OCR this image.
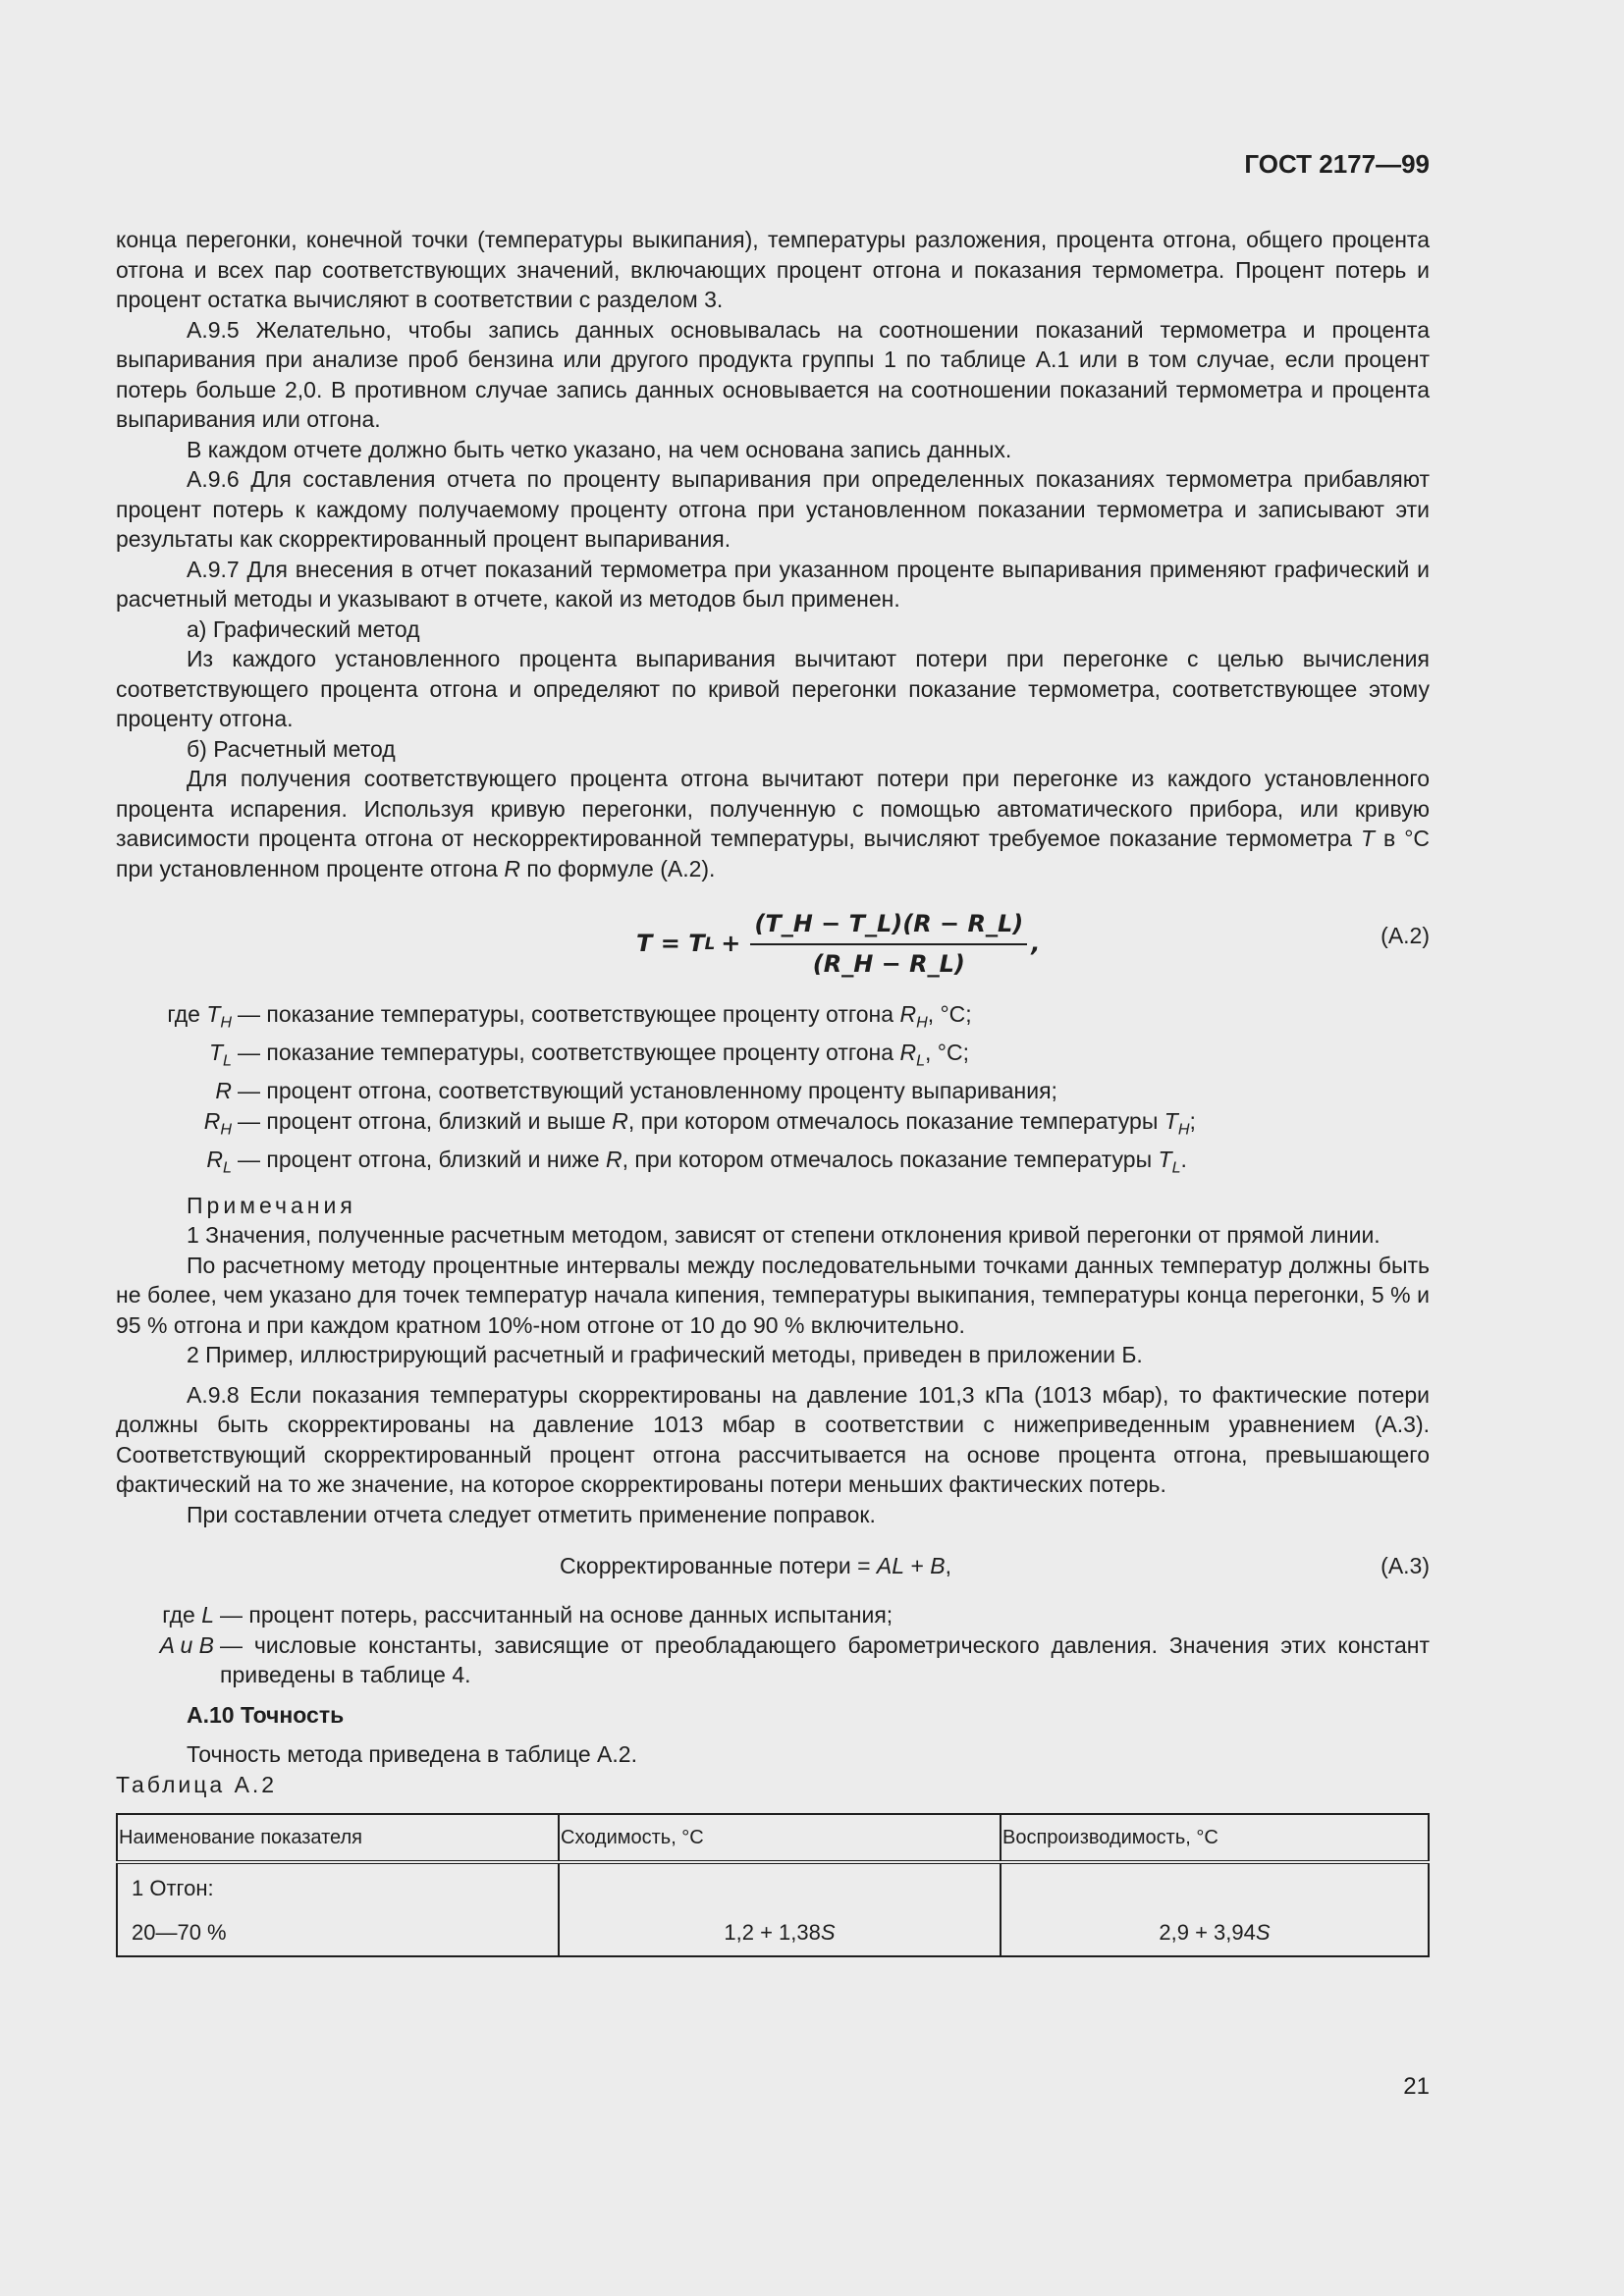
ГОСТ 2177—99

конца перегонки, конечной точки (температуры выкипания), температуры разложения, процента отгона, общего процента отгона и всех пар соответствующих значений, включающих процент отгона и показания термометра. Процент потерь и процент остатка вычисляют в соответствии с разделом 3.

А.9.5 Желательно, чтобы запись данных основывалась на соотношении показаний термометра и процента выпаривания при анализе проб бензина или другого продукта группы 1 по таблице А.1 или в том случае, если процент потерь больше 2,0. В противном случае запись данных основывается на соотношении показаний термометра и процента выпаривания или отгона.

В каждом отчете должно быть четко указано, на чем основана запись данных.

А.9.6 Для составления отчета по проценту выпаривания при определенных показаниях термометра прибавляют процент потерь к каждому получаемому проценту отгона при установленном показании термометра и записывают эти результаты как скорректированный процент выпаривания.

А.9.7 Для внесения в отчет показаний термометра при указанном проценте выпаривания применяют графический и расчетный методы и указывают в отчете, какой из методов был применен.

а) Графический метод

Из каждого установленного процента выпаривания вычитают потери при перегонке с целью вычисления соответствующего процента отгона и определяют по кривой перегонки показание термометра, соответствующее этому проценту отгона.

б) Расчетный метод

Для получения соответствующего процента отгона вычитают потери при перегонке из каждого установленного процента испарения. Используя кривую перегонки, полученную с помощью автоматического прибора, или кривую зависимости процента отгона от нескорректированной температуры, вычисляют требуемое показание термометра T в °С при установленном проценте отгона R по формуле (А.2).

T = T $L + \frac{(T\_H - T\_L)(R - R\_L)}{(R\_H - R\_L)}$ ,	(А.2)
где $T_H$ — показание температуры, соответствующее проценту отгона $R_H$, °С;
$T_L$ — показание температуры, соответствующее проценту отгона $R_L$, °С;
R — процент отгона, соответствующий установленному проценту выпаривания;
$R_H$ — процент отгона, близкий и выше R, при котором отмечалось показание температуры $T_H$;
$R_L$ — процент отгона, близкий и ниже R, при котором отмечалось показание температуры $T_L$.

Примечания

1 Значения, полученные расчетным методом, зависят от степени отклонения кривой перегонки от прямой линии.

По расчетному методу процентные интервалы между последовательными точками данных температур должны быть не более, чем указано для точек температур начала кипения, температуры выкипания, температуры конца перегонки, 5 % и 95 % отгона и при каждом кратном 10%-ном отгоне от 10 до 90 % включительно.

2 Пример, иллюстрирующий расчетный и графический методы, приведен в приложении Б.

А.9.8 Если показания температуры скорректированы на давление 101,3 кПа (1013 мбар), то фактические потери должны быть скорректированы на давление 1013 мбар в соответствии с нижеприведенным уравнением (А.3). Соответствующий скорректированный процент отгона рассчитывается на основе процента отгона, превышающего фактический на то же значение, на которое скорректированы потери меньших фактических потерь.

При составлении отчета следует отметить применение поправок.

Скорректированные потери = AL + B,	(А.3)
где L — процент потерь, рассчитанный на основе данных испытания;
A и B — числовые константы, зависящие от преобладающего барометрического давления. Значения этих констант приведены в таблице 4.

А.10 Точность

Точность метода приведена в таблице А.2.

Таблица А.2

Наименование показателя	Сходимость, °С	Воспроизводимость, °С
1 Отгон:		
20—70 %	1,2 + 1,38S	2,9 + 3,94S
21
